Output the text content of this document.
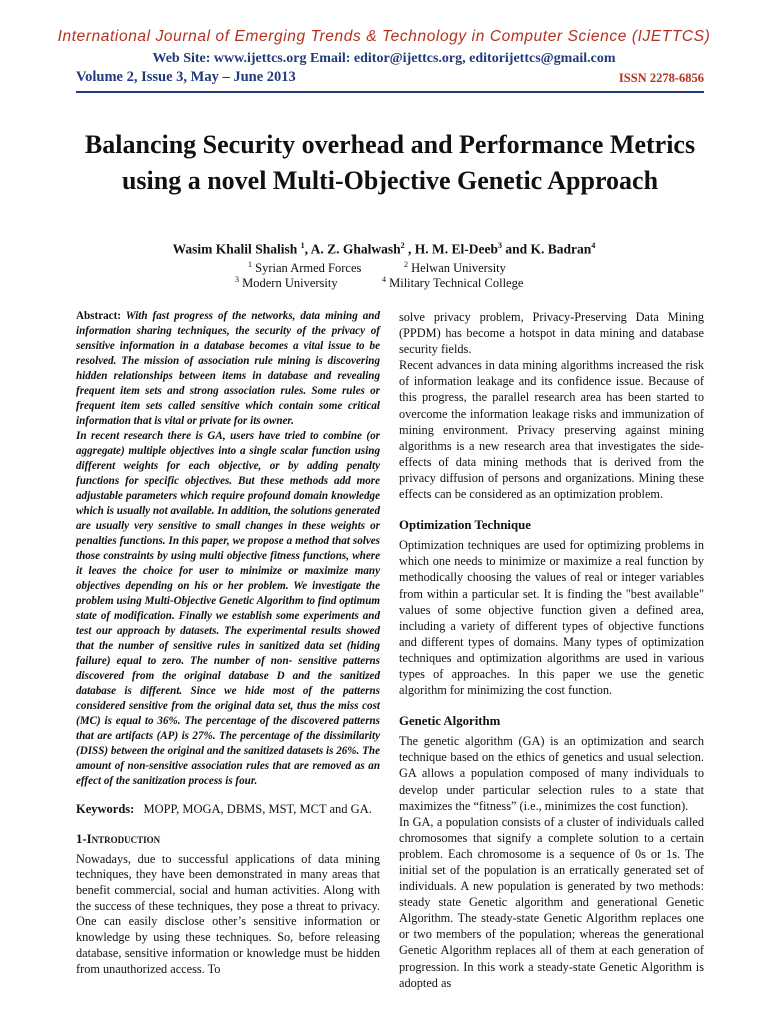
International Journal of Emerging Trends & Technology in Computer Science (IJETTCS)
Web Site: www.ijettcs.org Email: editor@ijettcs.org, editorijettcs@gmail.com
Volume 2, Issue 3, May – June 2013	ISSN 2278-6856
Balancing Security overhead and Performance Metrics using a novel Multi-Objective Genetic Approach
Wasim Khalil Shalish $^1$, A. Z. Ghalwash$^2$ , H. M. El-Deeb$^3$ and K. Badran$^4$
$^1$ Syrian Armed Forces	$^2$ Helwan University
$^3$ Modern University	$^4$ Military Technical College

Abstract: With fast progress of the networks, data mining and information sharing techniques, the security of the privacy of sensitive information in a database becomes a vital issue to be resolved. The mission of association rule mining is discovering hidden relationships between items in database and revealing frequent item sets and strong association rules. Some rules or frequent item sets called sensitive which contain some critical information that is vital or private for its owner.

In recent research there is GA, users have tried to combine (or aggregate) multiple objectives into a single scalar function using different weights for each objective, or by adding penalty functions for specific objectives. But these methods add more adjustable parameters which require profound domain knowledge which is usually not available. In addition, the solutions generated are usually very sensitive to small changes in these weights or penalties functions. In this paper, we propose a method that solves those constraints by using multi objective fitness functions, where it leaves the choice for user to minimize or maximize many objectives depending on his or her problem. We investigate the problem using Multi-Objective Genetic Algorithm to find optimum state of modification. Finally we establish some experiments and test our approach by datasets. The experimental results showed that the number of sensitive rules in sanitized data set (hiding failure) equal to zero. The number of non- sensitive patterns discovered from the original database D and the sanitized database is different. Since we hide most of the patterns considered sensitive from the original data set, thus the miss cost (MC) is equal to 36%. The percentage of the discovered patterns that are artifacts (AP) is 27%. The percentage of the dissimilarity (DISS) between the original and the sanitized datasets is 26%. The amount of non-sensitive association rules that are removed as an effect of the sanitization process is four.

Keywords: MOPP, MOGA, DBMS, MST, MCT and GA.

1-Introduction

Nowadays, due to successful applications of data mining techniques, they have been demonstrated in many areas that benefit commercial, social and human activities. Along with the success of these techniques, they pose a threat to privacy. One can easily disclose other’s sensitive information or knowledge by using these techniques. So, before releasing database, sensitive information or knowledge must be hidden from unauthorized access. To

solve privacy problem, Privacy-Preserving Data Mining (PPDM) has become a hotspot in data mining and database security fields.

Recent advances in data mining algorithms increased the risk of information leakage and its confidence issue. Because of this progress, the parallel research area has been started to overcome the information leakage risks and immunization of mining environment. Privacy preserving against mining algorithms is a new research area that investigates the side-effects of data mining methods that is derived from the privacy diffusion of persons and organizations. Mining these effects can be considered as an optimization problem.

Optimization Technique

Optimization techniques are used for optimizing problems in which one needs to minimize or maximize a real function by methodically choosing the values of real or integer variables from within a particular set. It is finding the "best available" values of some objective function given a defined area, including a variety of different types of objective functions and different types of domains. Many types of optimization techniques and optimization algorithms are used in various types of approaches. In this paper we use the genetic algorithm for minimizing the cost function.

Genetic Algorithm

The genetic algorithm (GA) is an optimization and search technique based on the ethics of genetics and usual selection. GA allows a population composed of many individuals to develop under particular selection rules to a state that maximizes the “fitness” (i.e., minimizes the cost function).

In GA, a population consists of a cluster of individuals called chromosomes that signify a complete solution to a certain problem. Each chromosome is a sequence of 0s or 1s. The initial set of the population is an erratically generated set of individuals. A new population is generated by two methods: steady state Genetic algorithm and generational Genetic Algorithm. The steady-state Genetic Algorithm replaces one or two members of the population; whereas the generational Genetic Algorithm replaces all of them at each generation of progression. In this work a steady-state Genetic Algorithm is adopted as
